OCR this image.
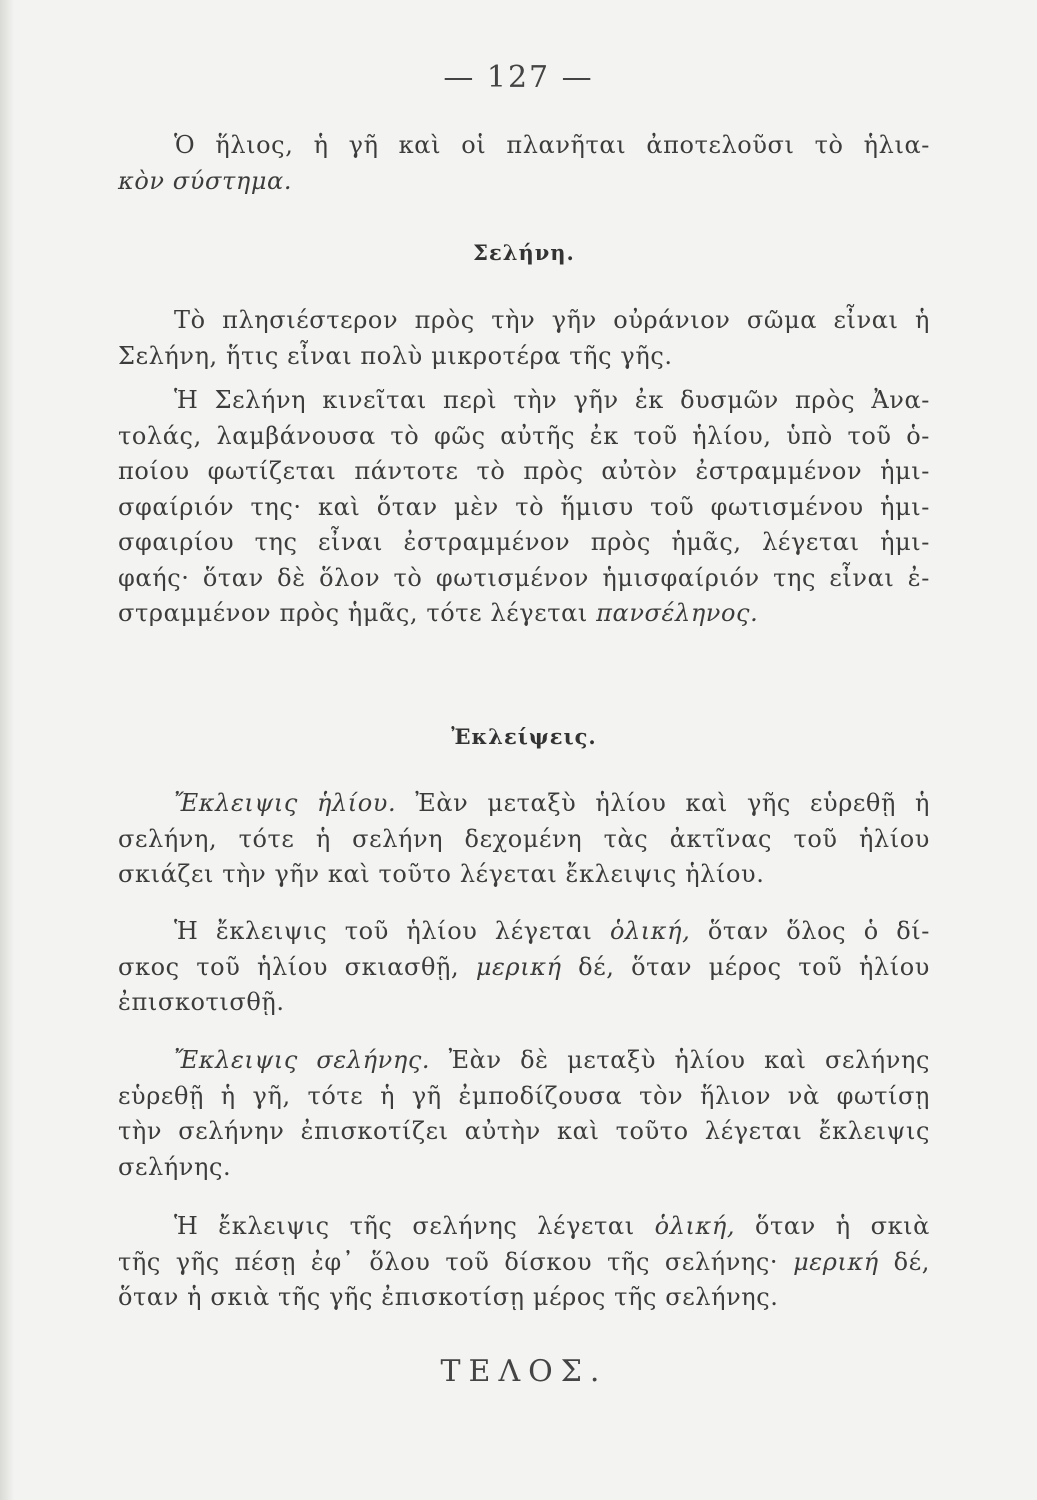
— 127 —
Ὁ ἥλιος, ἡ γῆ καὶ οἱ πλανῆται ἀποτελοῦσι τὸ ἡλια-
κὸν σύστημα.
Σελήνη.
Τὸ πλησιέστερον πρὸς τὴν γῆν οὐράνιον σῶμα εἶναι ἡ
Σελήνη, ἥτις εἶναι πολὺ μικροτέρα τῆς γῆς.
Ἡ Σελήνη κινεῖται περὶ τὴν γῆν ἐκ δυσμῶν πρὸς Ἀνα-
τολάς, λαμβάνουσα τὸ φῶς αὐτῆς ἐκ τοῦ ἡλίου, ὑπὸ τοῦ ὁ-
ποίου φωτίζεται πάντοτε τὸ πρὸς αὐτὸν ἐστραμμένον ἡμι-
σφαίριόν της· καὶ ὅταν μὲν τὸ ἥμισυ τοῦ φωτισμένου ἡμι-
σφαιρίου της εἶναι ἐστραμμένον πρὸς ἡμᾶς, λέγεται ἡμι-
φαής· ὅταν δὲ ὅλον τὸ φωτισμένον ἡμισφαίριόν της εἶναι ἐ-
στραμμένον πρὸς ἡμᾶς, τότε λέγεται πανσέληνος.
Ἐκλείψεις.
Ἔκλειψις ἡλίου. Ἐὰν μεταξὺ ἡλίου καὶ γῆς εὑρεθῇ ἡ
σελήνη, τότε ἡ σελήνη δεχομένη τὰς ἀκτῖνας τοῦ ἡλίου
σκιάζει τὴν γῆν καὶ τοῦτο λέγεται ἔκλειψις ἡλίου.
Ἡ ἔκλειψις τοῦ ἡλίου λέγεται ὁλική, ὅταν ὅλος ὁ δί-
σκος τοῦ ἡλίου σκιασθῇ, μερική δέ, ὅταν μέρος τοῦ ἡλίου
ἐπισκοτισθῇ.
Ἔκλειψις σελήνης. Ἐὰν δὲ μεταξὺ ἡλίου καὶ σελήνης
εὑρεθῇ ἡ γῆ, τότε ἡ γῆ ἐμποδίζουσα τὸν ἥλιον νὰ φωτίσῃ
τὴν σελήνην ἐπισκοτίζει αὐτὴν καὶ τοῦτο λέγεται ἔκλειψις
σελήνης.
Ἡ ἔκλειψις τῆς σελήνης λέγεται ὁλική, ὅταν ἡ σκιὰ
τῆς γῆς πέσῃ ἐφ᾽ ὅλου τοῦ δίσκου τῆς σελήνης· μερική δέ,
ὅταν ἡ σκιὰ τῆς γῆς ἐπισκοτίσῃ μέρος τῆς σελήνης.
ΤΕΛΟΣ.
